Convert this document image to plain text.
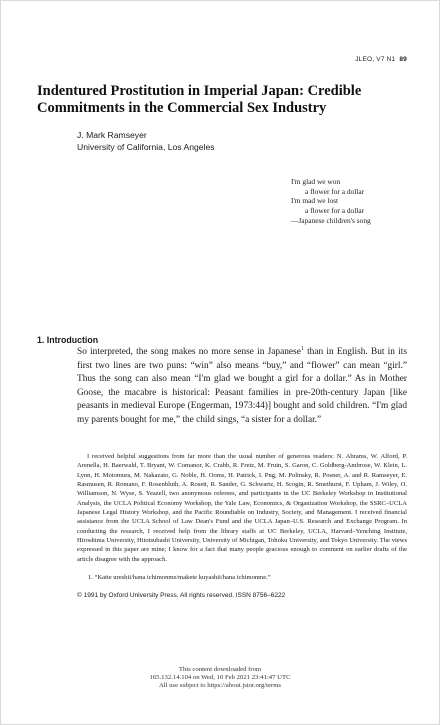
JLEO, V7 N1 89
Indentured Prostitution in Imperial Japan: Credible Commitments in the Commercial Sex Industry
J. Mark Ramseyer
University of California, Los Angeles
I'm glad we won
a flower for a dollar
I'm mad we lost
a flower for a dollar
—Japanese children's song
1. Introduction
So interpreted, the song makes no more sense in Japanese$^1$ than in English. But in its first two lines are two puns: “win” also means “buy,” and “flower” can mean “girl.” Thus the song can also mean “I'm glad we bought a girl for a dollar.” As in Mother Goose, the macabre is historical: Peasant families in pre-20th-century Japan [like peasants in medieval Europe (Engerman, 1973:44)] bought and sold children. “I'm glad my parents bought for me,” the child sings, “a sister for a dollar.”
I received helpful suggestions from far more than the usual number of generous readers: N. Abrams, W. Alford, P. Arenella, H. Baerwald, T. Bryant, W. Comanor, K. Crabb, R. Fretz, M. Fruin, S. Garon, C. Goldberg-Ambrose, W. Klein, L. Lynn, H. Motomura, M. Nakazato, G. Noble, H. Ooms, H. Patrick, I. Png, M. Polinsky, R. Posner, A. and R. Ramseyer, E. Rasmusen, R. Romano, F. Rosenbluth, A. Rosett, R. Sander, G. Schwartz, H. Scogin, R. Smethurst, F. Upham, J. Wiley, O. Williamson, N. Wyse, S. Yeazell, two anonymous referees, and participants in the UC Berkeley Workshop in Institutional Analysis, the UCLA Political Economy Workshop, the Yale Law, Economics, & Organization Workshop, the SSRC–UCLA Japanese Legal History Workshop, and the Pacific Roundtable on Industry, Society, and Management. I received financial assistance from the UCLA School of Law Dean's Fund and the UCLA Japan–U.S. Research and Exchange Program. In conducting the research, I received help from the library staffs at UC Berkeley, UCLA, Harvard–Yenching Institute, Hiroshima University, Hitotsubashi University, University of Michigan, Tohoku University, and Tokyo University. The views expressed in this paper are mine; I know for a fact that many people gracious enough to comment on earlier drafts of the article disagree with the approach.
1. “Katte ureshii/hana ichimonme/makete kuyashii/hana ichimonme.”
© 1991 by Oxford University Press. All rights reserved. ISSN 8756–6222
This content downloaded from
165.132.14.104 on Wed, 10 Feb 2021 23:41:47 UTC
All use subject to https://about.jstor.org/terms
